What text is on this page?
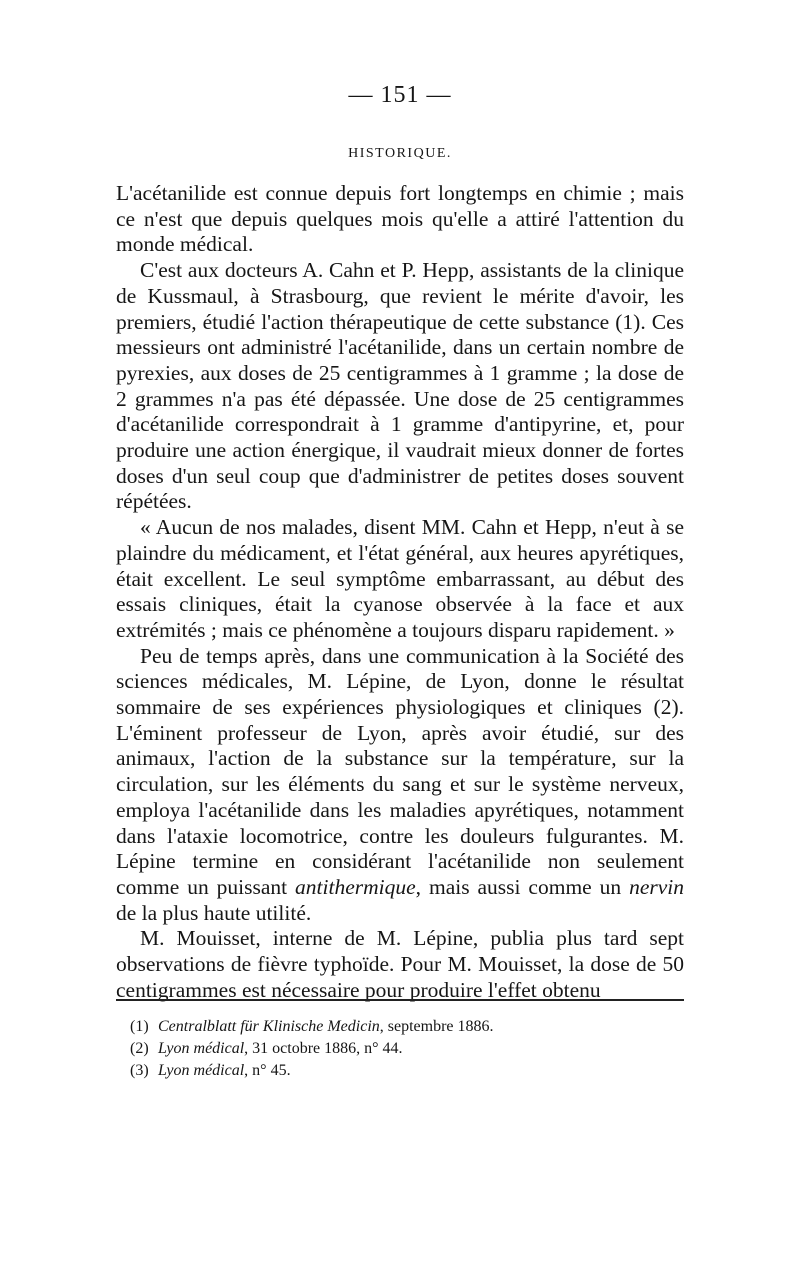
— 151 —
HISTORIQUE.

L'acétanilide est connue depuis fort longtemps en chimie ; mais ce n'est que depuis quelques mois qu'elle a attiré l'attention du monde médical.

C'est aux docteurs A. Cahn et P. Hepp, assistants de la clinique de Kussmaul, à Strasbourg, que revient le mérite d'avoir, les premiers, étudié l'action thérapeutique de cette substance (1). Ces messieurs ont administré l'acétanilide, dans un certain nombre de pyrexies, aux doses de 25 centigrammes à 1 gramme ; la dose de 2 grammes n'a pas été dépassée. Une dose de 25 centigrammes d'acétanilide correspondrait à 1 gramme d'antipyrine, et, pour produire une action énergique, il vaudrait mieux donner de fortes doses d'un seul coup que d'administrer de petites doses souvent répétées.

« Aucun de nos malades, disent MM. Cahn et Hepp, n'eut à se plaindre du médicament, et l'état général, aux heures apyrétiques, était excellent. Le seul symptôme embarrassant, au début des essais cliniques, était la cyanose observée à la face et aux extrémités ; mais ce phénomène a toujours disparu rapidement. »

Peu de temps après, dans une communication à la Société des sciences médicales, M. Lépine, de Lyon, donne le résultat sommaire de ses expériences physiologiques et cliniques (2). L'éminent professeur de Lyon, après avoir étudié, sur des animaux, l'action de la substance sur la température, sur la circulation, sur les éléments du sang et sur le système nerveux, employa l'acétanilide dans les maladies apyrétiques, notamment dans l'ataxie locomotrice, contre les douleurs fulgurantes. M. Lépine termine en considérant l'acétanilide non seulement comme un puissant antithermique, mais aussi comme un nervin de la plus haute utilité.

M. Mouisset, interne de M. Lépine, publia plus tard sept observations de fièvre typhoïde. Pour M. Mouisset, la dose de 50 centigrammes est nécessaire pour produire l'effet obtenu

(1) Centralblatt für Klinische Medicin, septembre 1886.
(2) Lyon médical, 31 octobre 1886, n° 44.
(3) Lyon médical, n° 45.
